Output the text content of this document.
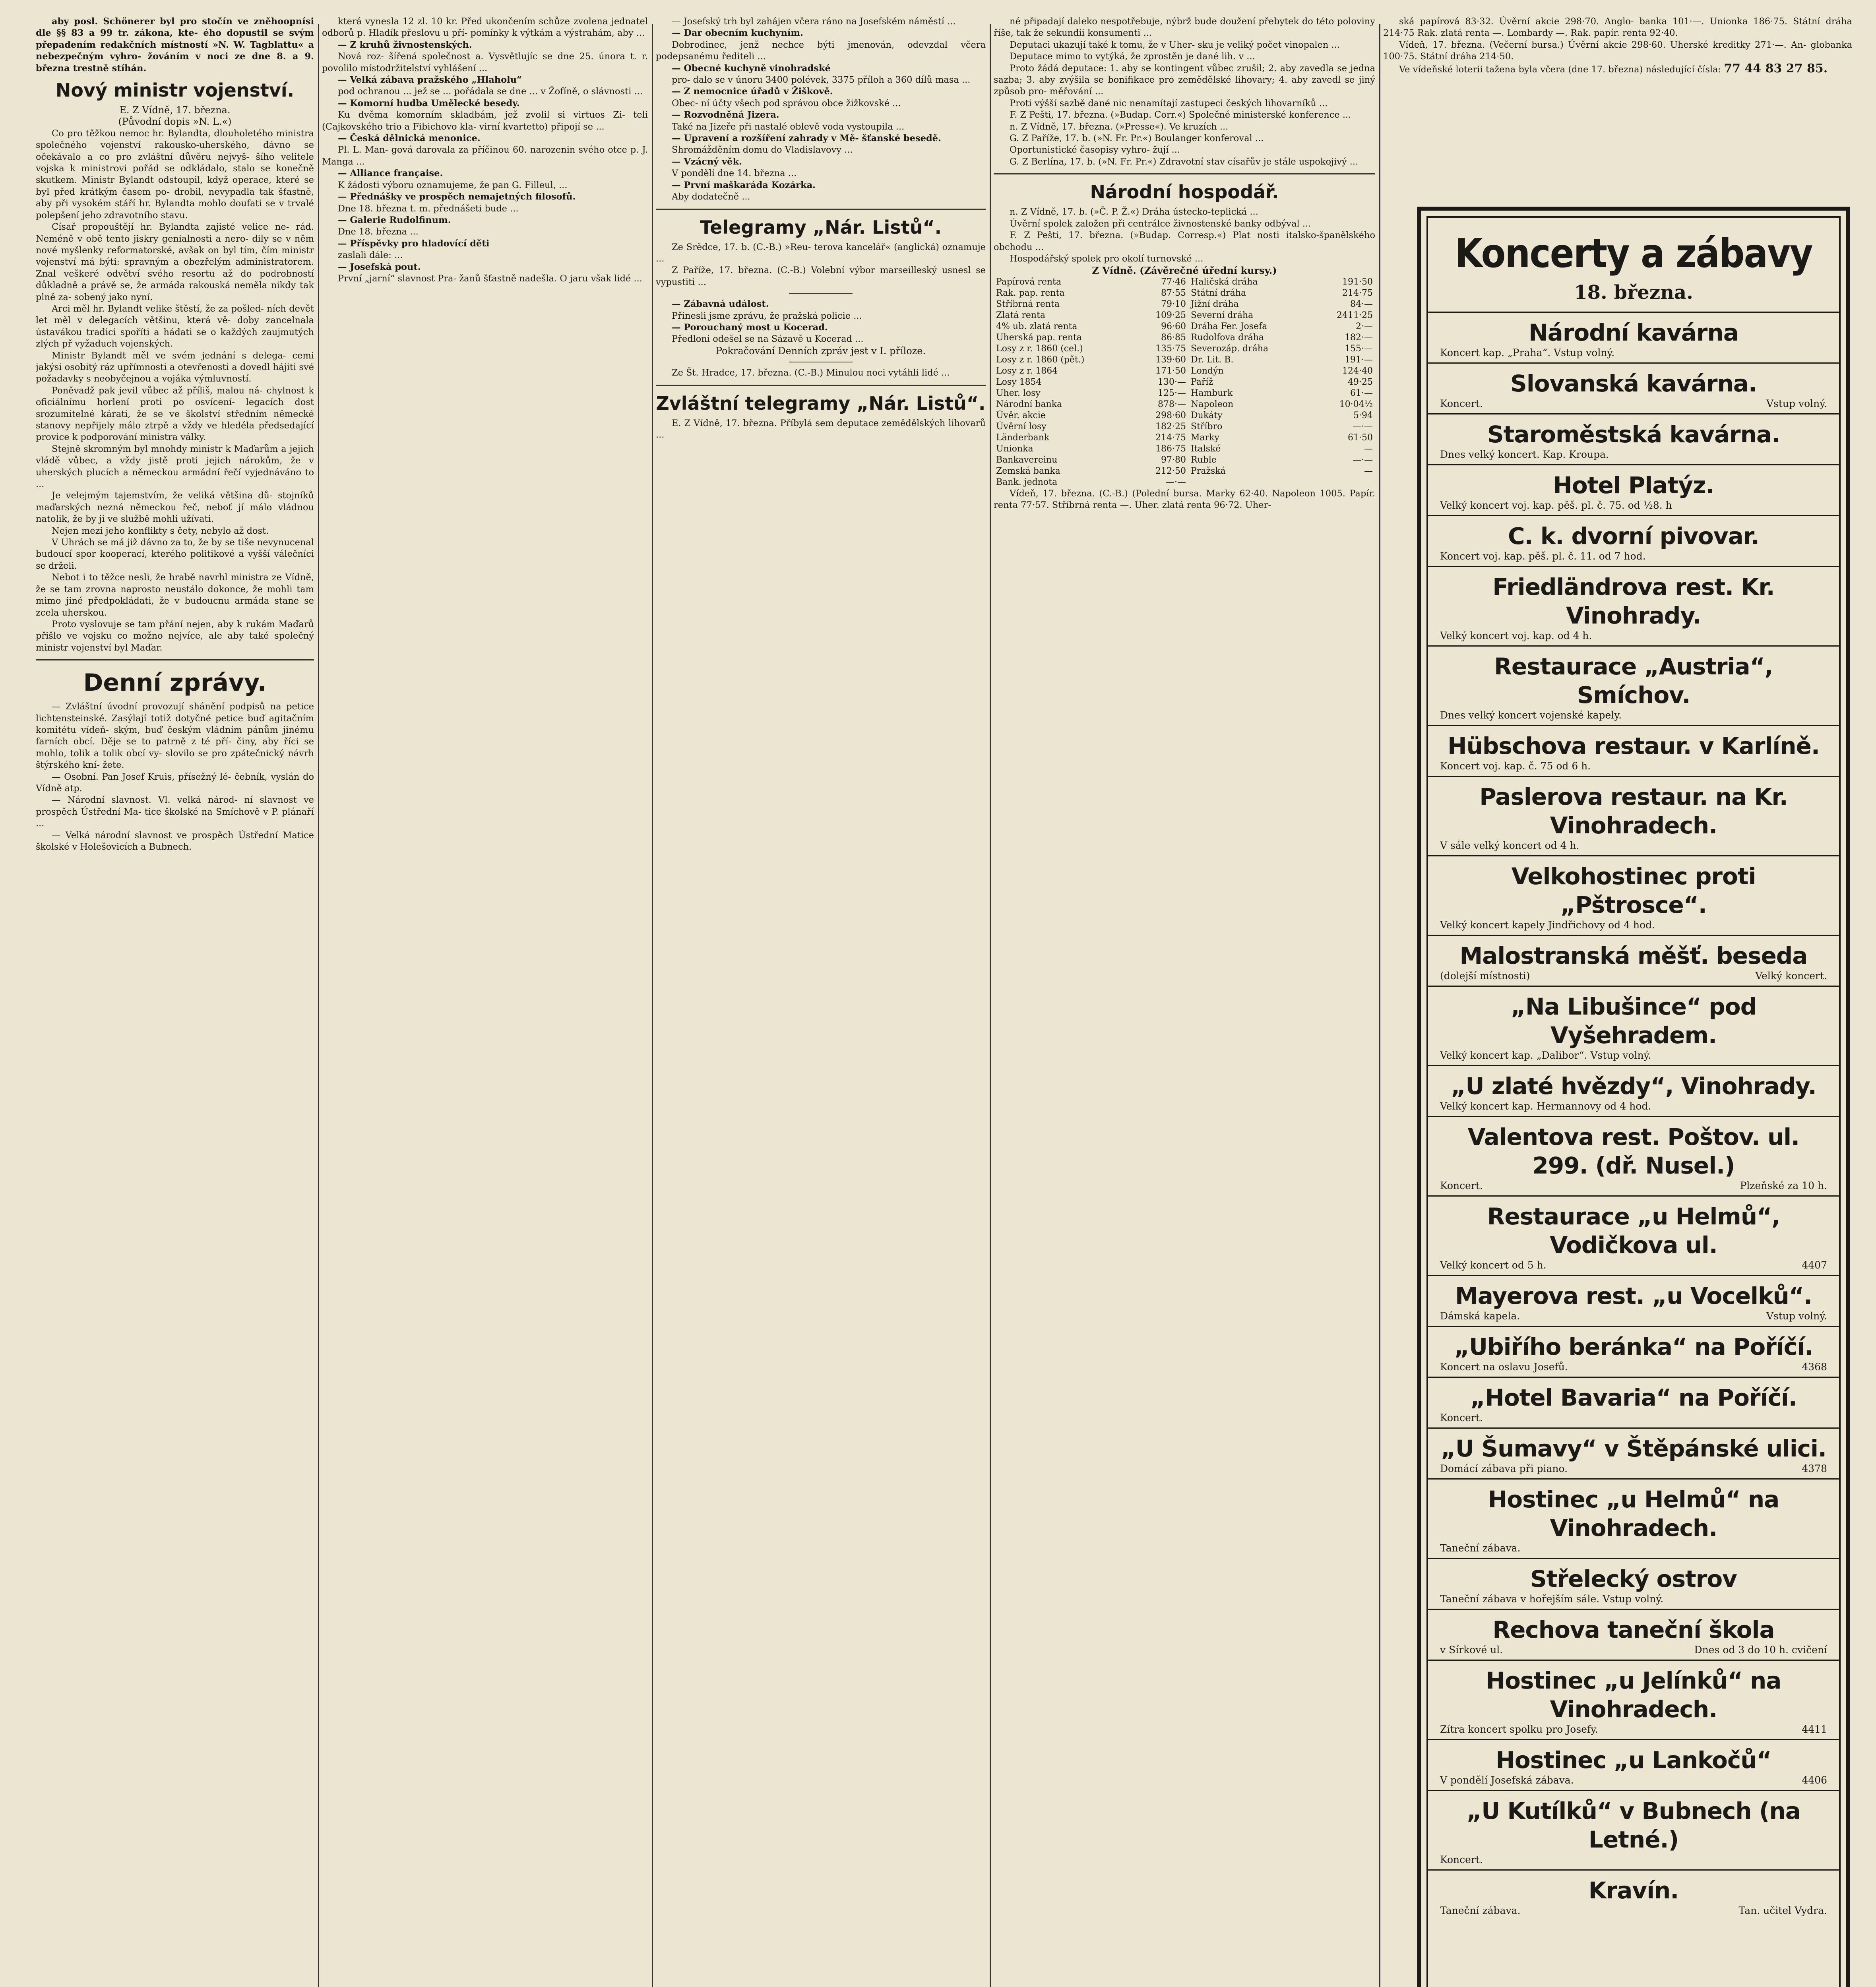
aby posl. Schönerer byl pro stočín ve zněhoopnísi dle §§ 83 a 99 tr. zákona, kte- ého dopustil se svým přepadením redakčních místností »N. W. Tagblattu« a nebezpečným vyhro- žováním v noci ze dne 8. a 9. března trestně stíhán.

Nový ministr vojenství.

E. Z Vídně, 17. března.

(Původní dopis »N. L.«)

Co pro těžkou nemoc hr. Bylandta, dlouholetého ministra společného vojenství rakousko-uherského, dávno se očekávalo a co pro zvláštní důvěru nejvyš- šího velitele vojska k ministrovi pořád se odkládalo, stalo se konečně skutkem. Ministr Bylandt odstoupil, když operace, které se byl před krátkým časem po- drobil, nevypadla tak šťastně, aby při vysokém stáří hr. Bylandta mohlo doufati se v trvalé polepšení jeho zdravotního stavu.

Císař propouštějí hr. Bylandta zajisté velice ne- rád. Neméně v obě tento jiskry genialnosti a nero- dily se v něm nové myšlenky reformatorské, avšak on byl tím, čím ministr vojenství má býti: spravným a obezřelým administratorem. Znal veškeré odvětví svého resortu až do podrobností důkladně a právě se, že armáda rakouská neměla nikdy tak plně za- sobený jako nyní.

Arci měl hr. Bylandt velike štěstí, že za pošled- ních devět let měl v delegacích většinu, která vě- doby zancelnala ústavákou tradici spoříti a hádati se o každých zaujmutých zlých př vyžaduch vojenských.

Ministr Bylandt měl ve svém jednání s delega- cemi jakýsi osobitý ráz upřímnosti a otevřenosti a dovedl hájiti své požadavky s neobyčejnou a vojáka výmluvností.

Poněvadž pak jevil vůbec až příliš, malou ná- chylnost k oficiálnímu horlení proti po osvícení- legacích dost srozumitelné kárati, že se ve školství středním německé stanovy nepřijely málo ztrpě a vždy ve hledéla předsedající provice k podporování ministra války.

Stejně skromným byl mnohdy ministr k Maďarům a jejich vládě vůbec, a vždy jistě proti jejich nárokům, že v uherských plucích a německou armádní řečí vyjednáváno to ...

Je velejmým tajemstvím, že veliká většina dů- stojníků maďarských nezná německou řeč, neboť jí málo vládnou natolik, že by ji ve službě mohli užívati.

Nejen mezi jeho konflikty s čety, nebylo až dost.

V Uhrách se má již dávno za to, že by se tiše nevynucenal budoucí spor kooperací, kterého politikové a vyšší válečníci se drželi.

Nebot i to těžce nesli, že hrabě navrhl ministra ze Vídně, že se tam zrovna naprosto neustálo dokonce, že mohli tam mimo jiné předpokládati, že v budoucnu armáda stane se zcela uherskou.

Proto vyslovuje se tam přání nejen, aby k rukám Maďarů přišlo ve vojsku co možno nejvíce, ale aby také společný ministr vojenství byl Maďar.

Denní zprávy.

— Zvláštní úvodní provozují shánění podpisů na petice lichtensteinské. Zasýlají totiž dotyčné petice buď agitačním komitétu vídeň- ským, buď českým vládním pánům jinému farních obcí. Děje se to patrně z té pří- činy, aby říci se mohlo, tolik a tolik obcí vy- slovilo se pro zpátečnický návrh štýrského kní- žete.

— Osobní. Pan Josef Kruis, přísežný lé- čebník, vyslán do Vídně atp.

— Národní slavnost. Vl. velká národ- ní slavnost ve prospěch Ústřední Ma- tice školské na Smíchově v P. plánaří ...

— Velká národní slavnost ve prospěch Ústřední Matice školské v Holešovicích a Bubnech.

která vynesla 12 zl. 10 kr. Před ukončením schůze zvolena jednatel odborů p. Hladík přeslovu u pří- pomínky k výtkám a výstrahám, aby ...

— Z kruhů živnostenských.

Nová roz- šířená společnost a. Vysvětlujíc se dne 25. února t. r. povolilo místodržitelství vyhlášení ...

— Velká zábava pražského „Hlaholu“

pod ochranou ... jež se ... pořádala se dne ... v Žofíně, o slávnosti ...

— Komorní hudba Umělecké besedy.

Ku dvěma komorním skladbám, jež zvolil si virtuos Zi- teli (Cajkovského trio a Fibichovo kla- virní kvartetto) připojí se ...

— Česká dělnická menonice.

Pl. L. Man- gová darovala za příčinou 60. narozenin svého otce p. J. Manga ...

— Alliance française.

K žádosti výboru oznamujeme, že pan G. Filleul, ...

— Přednášky ve prospěch nemajetných filosofů.

Dne 18. března t. m. přednášeti bude ...

— Galerie Rudolfinum.

Dne 18. března ...

— Příspěvky pro hladovící děti

zaslali dále: ...

— Josefská pout.

První „jarní“ slavnost Pra- žanů šťastně nadešla. O jaru však lidé ...

— Josefský trh byl zahájen včera ráno na Josefském náměstí ...

— Dar obecním kuchyním.

Dobrodinec, jenž nechce býti jmenován, odevzdal včera podepsanému řediteli ...

— Obecné kuchyně vinohradské

pro- dalo se v únoru 3400 polévek, 3375 příloh a 360 dílů masa ...

— Z nemocnice úřadů v Žiškově.

Obec- ní účty všech pod správou obce žižkovské ...

— Rozvodněná Jizera.

Také na Jizeře při nastalé oblevě voda vystoupila ...

— Upravení a rozšíření zahrady v Mě- šťanské besedě.

Shromážděním domu do Vladislavovy ...

— Vzácný věk.

V pondělí dne 14. března ...

— První maškaráda Kozárka.

Aby dodatečně ...

Telegramy „Nár. Listů“.

Ze Srědce, 17. b. (C.-B.) »Reu- terova kancelář« (anglická) oznamuje ...

Z Paříže, 17. března. (C.-B.) Volební výbor marseilleský usnesl se vypustiti ...

— Zábavná událost.

Přinesli jsme zprávu, že pražská policie ...

— Porouchaný most u Kocerad.

Předloni odešel se na Sázavě u Kocerad ...

Pokračování Denních zpráv jest v I. příloze.

Ze Št. Hradce, 17. března. (C.-B.) Minulou noci vytáhli lidé ...

Zvláštní telegramy „Nár. Listů“.

E. Z Vídně, 17. března. Příbylá sem deputace zemědělských lihovarů ...

né připadají daleko nespotřebuje, nýbrž bude doužení přebytek do této poloviny říše, tak že sekundii konsumenti ...

Deputaci ukazují také k tomu, že v Uher- sku je veliký počet vinopalen ...

Deputace mimo to vytýká, že zprostěn je dané lih. v ...

Proto žádá deputace: 1. aby se kontingent vůbec zrušil; 2. aby zavedla se jedna sazba; 3. aby zvýšila se bonifikace pro zemědělské lihovary; 4. aby zavedl se jiný způsob pro- měřování ...

Proti výšší sazbě dané nic nenamítají zastupeci českých lihovarníků ...

F. Z Pešti, 17. března. (»Budap. Corr.«) Společné ministerské konference ...

n. Z Vídně, 17. března. (»Presse«). Ve kruzích ...

G. Z Paříže, 17. b. (»N. Fr. Pr.«) Boulanger konferoval ...

Oportunistické časopisy vyhro- žují ...

G. Z Berlína, 17. b. (»N. Fr. Pr.«) Zdravotní stav císařův je stále uspokojivý ...

Národní hospodář.

n. Z Vídně, 17. b. (»Č. P. Ž.«) Dráha ústecko-teplická ...

Úvěrní spolek založen při centrálce živnostenské banky odbýval ...

F. Z Pešti, 17. března. (»Budap. Corresp.«) Plat nosti italsko-španělského obchodu ...

Hospodářský spolek pro okolí turnovské ...

Z Vídně. (Závěrečné úřední kursy.)

Papírová renta	77·46	Haličská dráha	191·50
Rak. pap. renta	87·55	Státní dráha	214·75
Stříbrná renta	79·10	Jižní dráha	84·—
Zlatá renta	109·25	Severní dráha	2411·25
4% ub. zlatá renta	96·60	Dráha Fer. Josefa	2·—
Uherská pap. renta	86·85	Rudolfova dráha	182·—
Losy z r. 1860 (cel.)	135·75	Severozáp. dráha	155·—
Losy z r. 1860 (pět.)	139·60	Dr. Lit. B.	191·—
Losy z r. 1864	171·50	Londýn	124·40
Losy 1854	130·—	Paříž	49·25
Uher. losy	125·—	Hamburk	61·—
Národní banka	878·—	Napoleon	10·04½
Úvěr. akcie	298·60	Dukáty	5·94
Úvěrní losy	182·25	Stříbro	—·—
Länderbank	214·75	Marky	61·50
Unionka	186·75	Italské	—
Bankavereinu	97·80	Ruble	—·—
Zemská banka	212·50	Pražská	—
Bank. jednota	—·—		

Vídeň, 17. března. (C.-B.) (Polední bursa. Marky 62·40. Napoleon 1005. Papír. renta 77·57. Stříbrná renta —. Uher. zlatá renta 96·72. Uher-

ská papírová 83·32. Úvěrní akcie 298·70. Anglo- banka 101·—. Unionka 186·75. Státní dráha 214·75 Rak. zlatá renta —. Lombardy —. Rak. papír. renta 92·40.

Vídeň, 17. března. (Večerní bursa.) Úvěrní akcie 298·60. Uherské kreditky 271·—. An- globanka 100·75. Státní dráha 214·50.

Ve vídeňské loterii tažena byla včera (dne 17. března) následující čísla: 77 44 83 27 85.

Koncerty a zábavy
18. března.
Národní kavárna
Koncert kap. „Praha“. Vstup volný.
Slovanská kavárna.
Koncert.	Vstup volný.
Staroměstská kavárna.
Dnes velký koncert. Kap. Kroupa.
Hotel Platýz.
Velký koncert voj. kap. pěš. pl. č. 75. od ½8. h
C. k. dvorní pivovar.
Koncert voj. kap. pěš. pl. č. 11. od 7 hod.
Friedländrova rest. Kr. Vinohrady.
Velký koncert voj. kap. od 4 h.
Restaurace „Austria“, Smíchov.
Dnes velký koncert vojenské kapely.
Hübschova restaur. v Karlíně.
Koncert voj. kap. č. 75 od 6 h.
Paslerova restaur. na Kr. Vinohradech.
V sále velký koncert od 4 h.
Velkohostinec proti „Pštrosce“.
Velký koncert kapely Jindřichovy od 4 hod.
Malostranská měšť. beseda
(dolejší místnosti)	Velký koncert.
„Na Libušince“ pod Vyšehradem.
Velký koncert kap. „Dalibor“. Vstup volný.
„U zlaté hvězdy“, Vinohrady.
Velký koncert kap. Hermannovy od 4 hod.
Valentova rest. Poštov. ul. 299. (dř. Nusel.)
Koncert.	Plzeňské za 10 h.
Restaurace „u Helmů“, Vodičkova ul.
Velký koncert od 5 h.	4407
Mayerova rest. „u Vocelků“.
Dámská kapela.	Vstup volný.
„Ubiřího beránka“ na Poříčí.
Koncert na oslavu Josefů.	4368
„Hotel Bavaria“ na Poříčí.
Koncert.
„U Šumavy“ v Štěpánské ulici.
Domácí zábava při piano.	4378
Hostinec „u Helmů“ na Vinohradech.
Taneční zábava.
Střelecký ostrov
Taneční zábava v hořejším sále. Vstup volný.
Rechova taneční škola
v Sírkové ul.	Dnes od 3 do 10 h. cvičení
Hostinec „u Jelínků“ na Vinohradech.
Zítra koncert spolku pro Josefy.	4411
Hostinec „u Lankočů“
V pondělí Josefská zábava.	4406
„U Kutílků“ v Bubnech (na Letné.)
Koncert.
Kravín.
Taneční zábava.	Tan. učitel Vydra.
